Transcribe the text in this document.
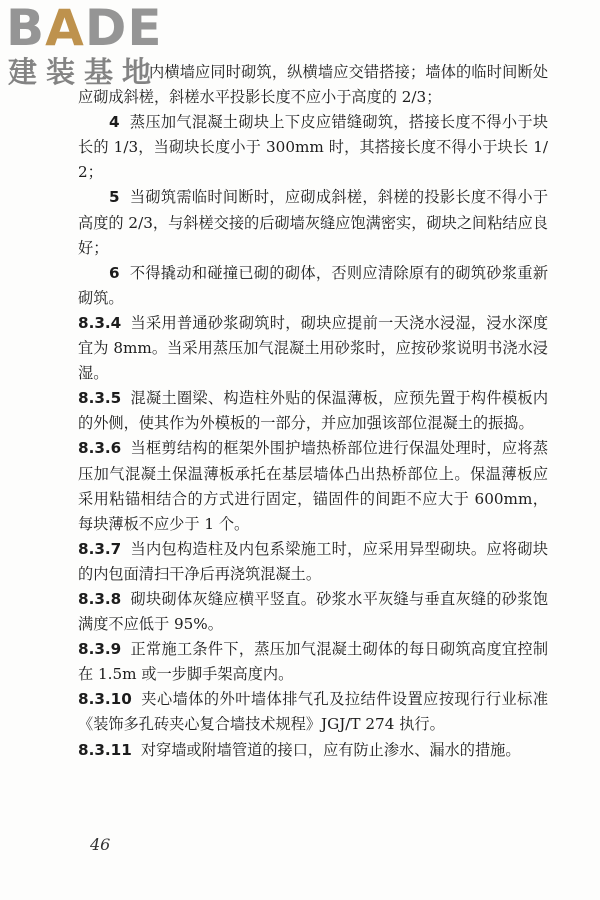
BADE
建装基地

内横墙应同时砌筑，纵横墙应交错搭接；墙体的临时间断处应砌成斜槎，斜槎水平投影长度不应小于高度的 2/3；

4 蒸压加气混凝土砌块上下皮应错缝砌筑，搭接长度不得小于块长的 1/3，当砌块长度小于 300mm 时，其搭接长度不得小于块长 1/2；

5 当砌筑需临时间断时，应砌成斜槎，斜槎的投影长度不得小于高度的 2/3，与斜槎交接的后砌墙灰缝应饱满密实，砌块之间粘结应良好；

6 不得撬动和碰撞已砌的砌体，否则应清除原有的砌筑砂浆重新砌筑。

8.3.4 当采用普通砂浆砌筑时，砌块应提前一天浇水浸湿，浸水深度宜为 8mm。当采用蒸压加气混凝土用砂浆时，应按砂浆说明书浇水浸湿。

8.3.5 混凝土圈梁、构造柱外贴的保温薄板，应预先置于构件模板内的外侧，使其作为外模板的一部分，并应加强该部位混凝土的振捣。

8.3.6 当框剪结构的框架外围护墙热桥部位进行保温处理时，应将蒸压加气混凝土保温薄板承托在基层墙体凸出热桥部位上。保温薄板应采用粘锚相结合的方式进行固定，锚固件的间距不应大于 600mm，每块薄板不应少于 1 个。

8.3.7 当内包构造柱及内包系梁施工时，应采用异型砌块。应将砌块的内包面清扫干净后再浇筑混凝土。

8.3.8 砌块砌体灰缝应横平竖直。砂浆水平灰缝与垂直灰缝的砂浆饱满度不应低于 95%。

8.3.9 正常施工条件下，蒸压加气混凝土砌体的每日砌筑高度宜控制在 1.5m 或一步脚手架高度内。

8.3.10 夹心墙体的外叶墙体排气孔及拉结件设置应按现行行业标准《装饰多孔砖夹心复合墙技术规程》JGJ/T 274 执行。

8.3.11 对穿墙或附墙管道的接口，应有防止渗水、漏水的措施。

46
